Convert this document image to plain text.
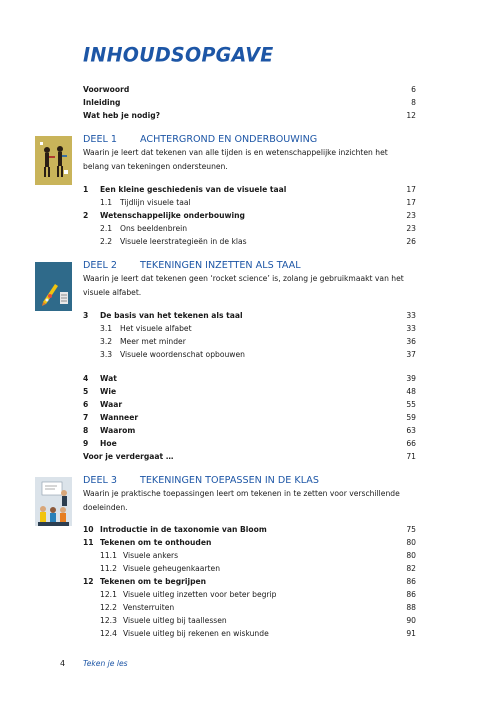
INHOUDSOPGAVE
Voorwoord	6
Inleiding	8
Wat heb je nodig?	12
DEEL 1 ACHTERGROND EN ONDERBOUWING
Waarin je leert dat tekenen van alle tijden is en wetenschappelijke inzichten het belang van tekeningen ondersteunen.
1 Een kleine geschiedenis van de visuele taal	17
1.1 Tijdlijn visuele taal	17
2 Wetenschappelijke onderbouwing	23
2.1 Ons beeldenbrein	23
2.2 Visuele leerstrategieën in de klas	26
DEEL 2 TEKENINGEN INZETTEN ALS TAAL
Waarin je leert dat tekenen geen ‘rocket science’ is, zolang je gebruikmaakt van het visuele alfabet.
3 De basis van het tekenen als taal	33
3.1 Het visuele alfabet	33
3.2 Meer met minder	36
3.3 Visuele woordenschat opbouwen	37
4 Wat	39
5 Wie	48
6 Waar	55
7 Wanneer	59
8 Waarom	63
9 Hoe	66
Voor je verdergaat …	71
DEEL 3 TEKENINGEN TOEPASSEN IN DE KLAS
Waarin je praktische toepassingen leert om tekenen in te zetten voor verschillende doeleinden.
10 Introductie in de taxonomie van Bloom	75
11 Tekenen om te onthouden	80
11.1 Visuele ankers	80
11.2 Visuele geheugenkaarten	82
12 Tekenen om te begrijpen	86
12.1 Visuele uitleg inzetten voor beter begrip	86
12.2 Vensterruiten	88
12.3 Visuele uitleg bij taallessen	90
12.4 Visuele uitleg bij rekenen en wiskunde	91
4 Teken je les
